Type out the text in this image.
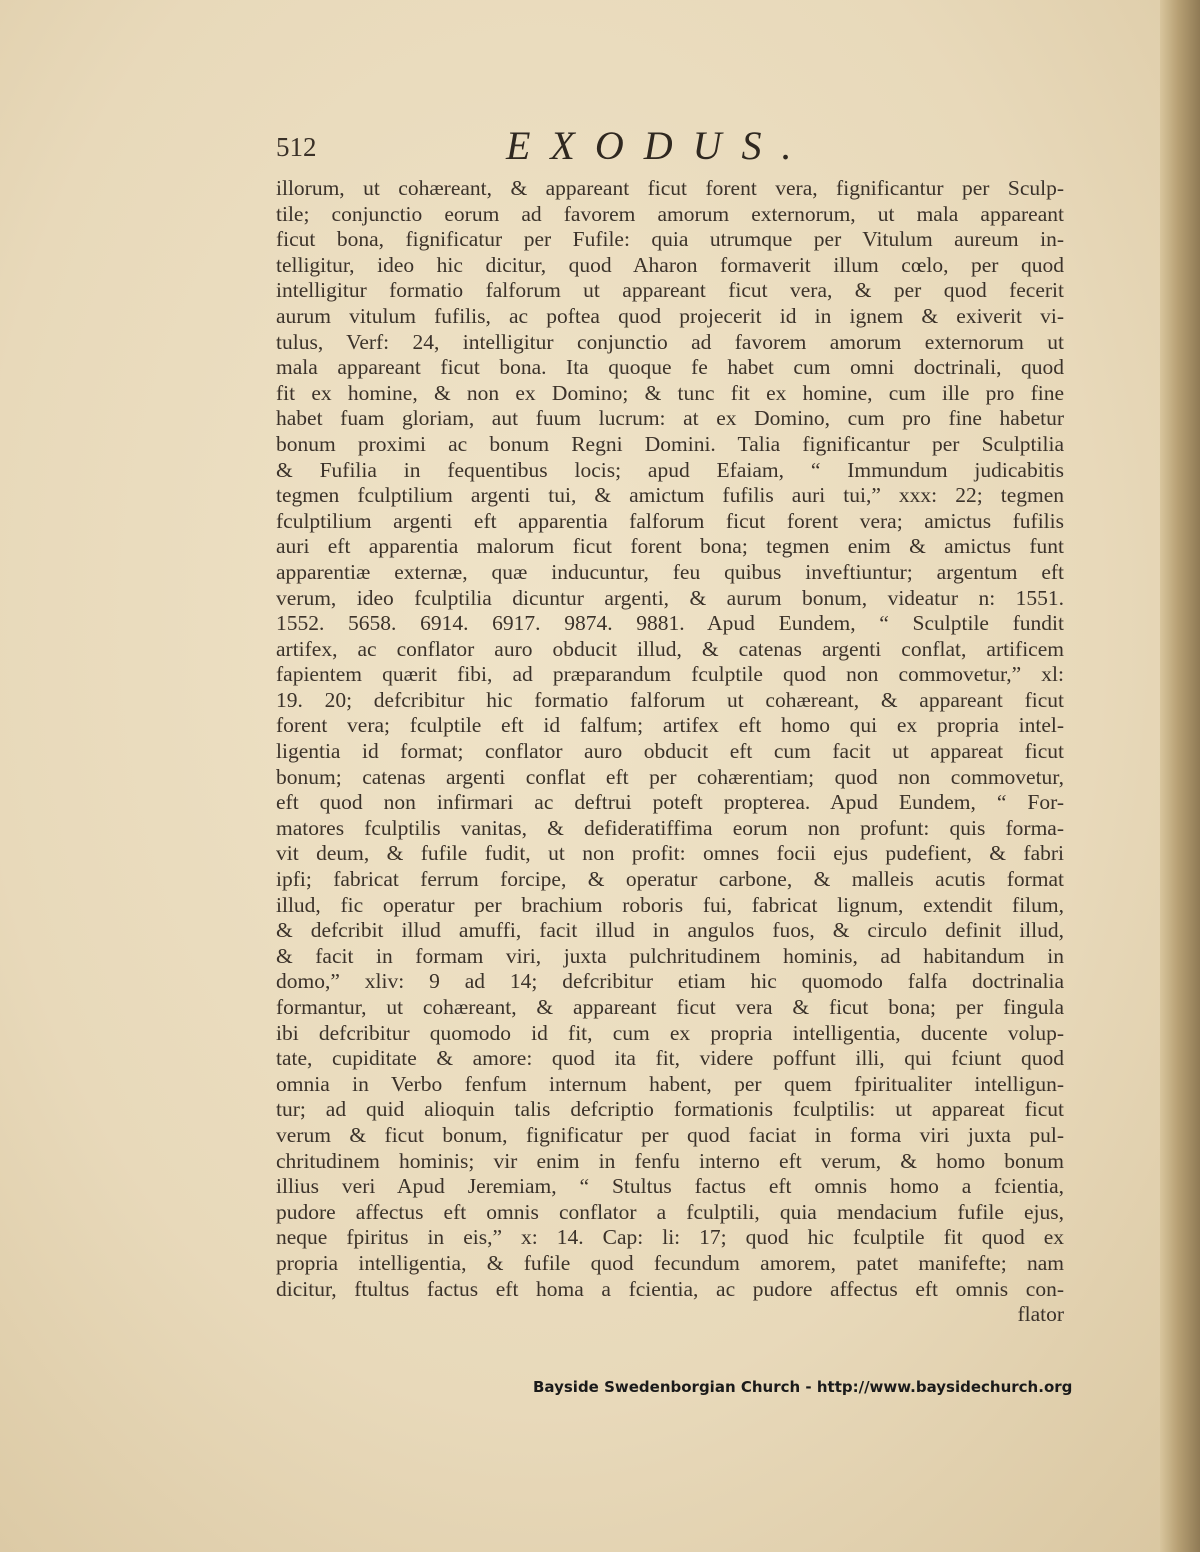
512	EXODUS.
illorum, ut cohæreant, & appareant ficut forent vera, fignificantur per Sculp-
tile; conjunctio eorum ad favorem amorum externorum, ut mala appareant
ficut bona, fignificatur per Fufile: quia utrumque per Vitulum aureum in-
telligitur, ideo hic dicitur, quod Aharon formaverit illum cœlo, per quod
intelligitur formatio falforum ut appareant ficut vera, & per quod fecerit
aurum vitulum fufilis, ac poftea quod projecerit id in ignem & exiverit vi-
tulus, Verf: 24, intelligitur conjunctio ad favorem amorum externorum ut
mala appareant ficut bona. Ita quoque fe habet cum omni doctrinali, quod
fit ex homine, & non ex Domino; & tunc fit ex homine, cum ille pro fine
habet fuam gloriam, aut fuum lucrum: at ex Domino, cum pro fine habetur
bonum proximi ac bonum Regni Domini. Talia fignificantur per Sculptilia
& Fufilia in fequentibus locis; apud Efaiam, “ Immundum judicabitis
tegmen fculptilium argenti tui, & amictum fufilis auri tui,” xxx: 22; tegmen
fculptilium argenti eft apparentia falforum ficut forent vera; amictus fufilis
auri eft apparentia malorum ficut forent bona; tegmen enim & amictus funt
apparentiæ externæ, quæ inducuntur, feu quibus inveftiuntur; argentum eft
verum, ideo fculptilia dicuntur argenti, & aurum bonum, videatur n: 1551.
1552. 5658. 6914. 6917. 9874. 9881. Apud Eundem, “ Sculptile fundit
artifex, ac conflator auro obducit illud, & catenas argenti conflat, artificem
fapientem quærit fibi, ad præparandum fculptile quod non commovetur,” xl:
19. 20; defcribitur hic formatio falforum ut cohæreant, & appareant ficut
forent vera; fculptile eft id falfum; artifex eft homo qui ex propria intel-
ligentia id format; conflator auro obducit eft cum facit ut appareat ficut
bonum; catenas argenti conflat eft per cohærentiam; quod non commovetur,
eft quod non infirmari ac deftrui poteft propterea. Apud Eundem, “ For-
matores fculptilis vanitas, & defideratiffima eorum non profunt: quis forma-
vit deum, & fufile fudit, ut non profit: omnes focii ejus pudefient, & fabri
ipfi; fabricat ferrum forcipe, & operatur carbone, & malleis acutis format
illud, fic operatur per brachium roboris fui, fabricat lignum, extendit filum,
& defcribit illud amuffi, facit illud in angulos fuos, & circulo definit illud,
& facit in formam viri, juxta pulchritudinem hominis, ad habitandum in
domo,” xliv: 9 ad 14; defcribitur etiam hic quomodo falfa doctrinalia
formantur, ut cohæreant, & appareant ficut vera & ficut bona; per fingula
ibi defcribitur quomodo id fit, cum ex propria intelligentia, ducente volup-
tate, cupiditate & amore: quod ita fit, videre poffunt illi, qui fciunt quod
omnia in Verbo fenfum internum habent, per quem fpiritualiter intelligun-
tur; ad quid alioquin talis defcriptio formationis fculptilis: ut appareat ficut
verum & ficut bonum, fignificatur per quod faciat in forma viri juxta pul-
chritudinem hominis; vir enim in fenfu interno eft verum, & homo bonum
illius veri Apud Jeremiam, “ Stultus factus eft omnis homo a fcientia,
pudore affectus eft omnis conflator a fculptili, quia mendacium fufile ejus,
neque fpiritus in eis,” x: 14. Cap: li: 17; quod hic fculptile fit quod ex
propria intelligentia, & fufile quod fecundum amorem, patet manifefte; nam
dicitur, ftultus factus eft homa a fcientia, ac pudore affectus eft omnis con-
flator
Bayside Swedenborgian Church - http://www.baysidechurch.org
